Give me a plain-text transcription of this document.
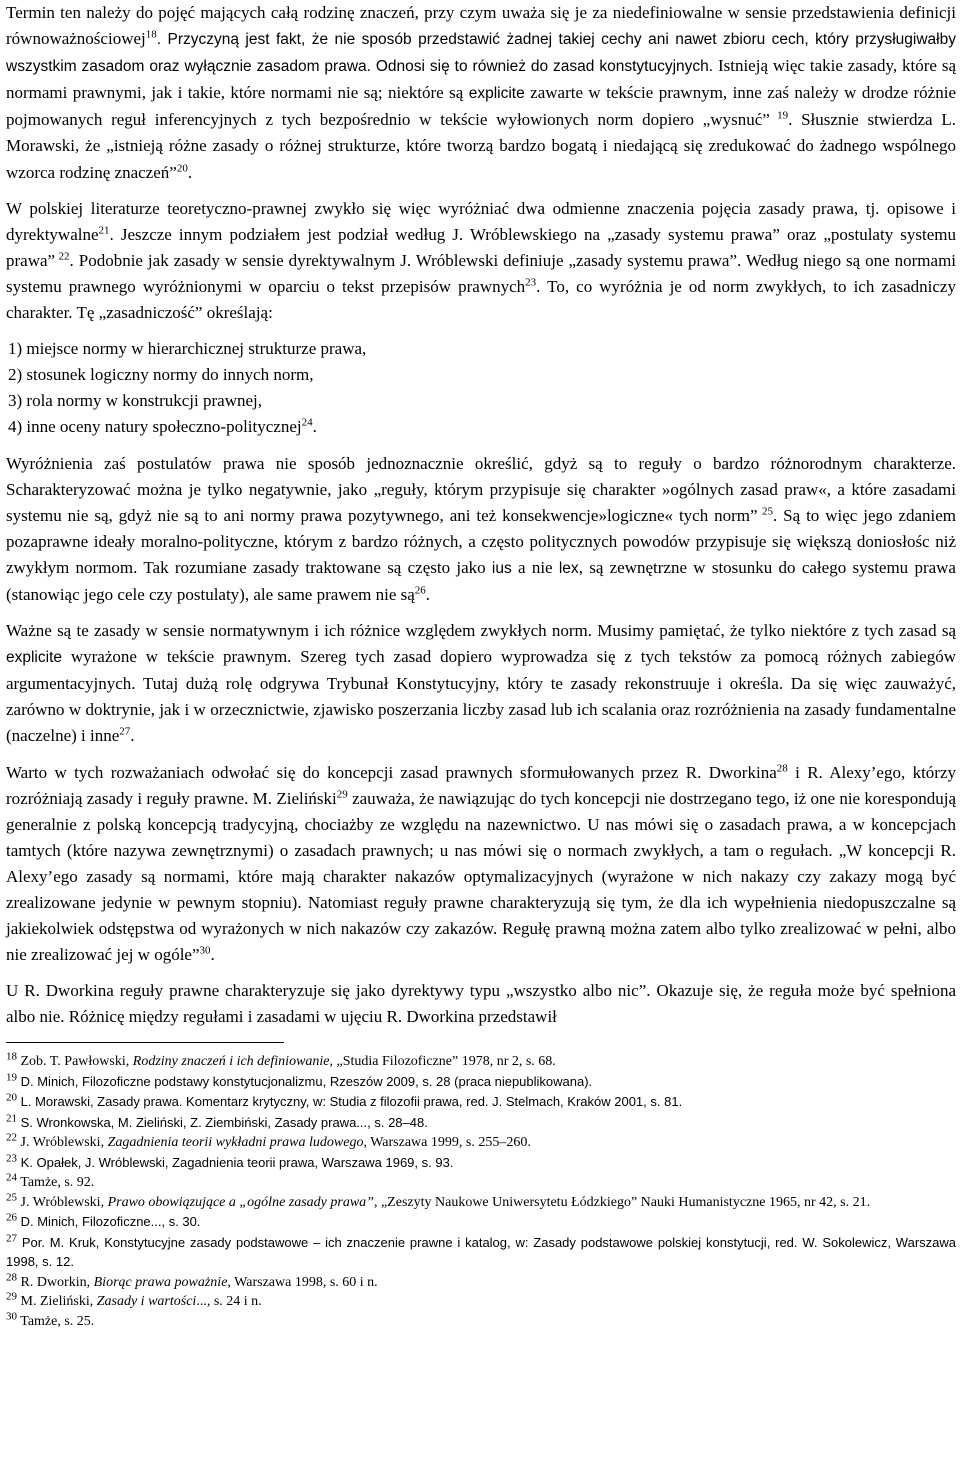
Termin ten należy do pojęć mających całą rodzinę znaczeń, przy czym uważa się je za niedefiniowalne w sensie przedstawienia definicji równoważnościowej$^{18}$. Przyczyną jest fakt, że nie sposób przedstawić żadnej takiej cechy ani nawet zbioru cech, który przysługiwałby wszystkim zasadom oraz wyłącznie zasadom prawa. Odnosi się to również do zasad konstytucyjnych. Istnieją więc takie zasady, które są normami prawnymi, jak i takie, które normami nie są; niektóre są explicite zawarte w tekście prawnym, inne zaś należy w drodze różnie pojmowanych reguł inferencyjnych z tych bezpośrednio w tekście wyłowionych norm dopiero „wysnuć” $^{19}$. Słusznie stwierdza L. Morawski, że „istnieją różne zasady o różnej strukturze, które tworzą bardzo bogatą i niedającą się zredukować do żadnego wspólnego wzorca rodzinę znaczeń”$^{20}$.

W polskiej literaturze teoretyczno-prawnej zwykło się więc wyróżniać dwa odmienne znaczenia pojęcia zasady prawa, tj. opisowe i dyrektywalne$^{21}$. Jeszcze innym podziałem jest podział według J. Wróblewskiego na „zasady systemu prawa” oraz „postulaty systemu prawa” $^{22}$. Podobnie jak zasady w sensie dyrektywalnym J. Wróblewski definiuje „zasady systemu prawa”. Według niego są one normami systemu prawnego wyróżnionymi w oparciu o tekst przepisów prawnych$^{23}$. To, co wyróżnia je od norm zwykłych, to ich zasadniczy charakter. Tę „zasadniczość” określają:

1) miejsce normy w hierarchicznej strukturze prawa,
2) stosunek logiczny normy do innych norm,
3) rola normy w konstrukcji prawnej,
4) inne oceny natury społeczno-politycznej$^{24}$.

Wyróżnienia zaś postulatów prawa nie sposób jednoznacznie określić, gdyż są to reguły o bardzo różnorodnym charakterze. Scharakteryzować można je tylko negatywnie, jako „reguły, którym przypisuje się charakter »ogólnych zasad praw«, a które zasadami systemu nie są, gdyż nie są to ani normy prawa pozytywnego, ani też konsekwencje»logiczne« tych norm” $^{25}$. Są to więc jego zdaniem pozaprawne ideały moralno-polityczne, którym z bardzo różnych, a często politycznych powodów przypisuje się większą doniosłośc niż zwykłym normom. Tak rozumiane zasady traktowane są często jako ius a nie lex, są zewnętrzne w stosunku do całego systemu prawa (stanowiąc jego cele czy postulaty), ale same prawem nie $są^{26}$.

Ważne są te zasady w sensie normatywnym i ich różnice względem zwykłych norm. Musimy pamiętać, że tylko niektóre z tych zasad są explicite wyrażone w tekście prawnym. Szereg tych zasad dopiero wyprowadza się z tych tekstów za pomocą różnych zabiegów argumentacyjnych. Tutaj dużą rolę odgrywa Trybunał Konstytucyjny, który te zasady rekonstruuje i określa. Da się więc zauważyć, zarówno w doktrynie, jak i w orzecznictwie, zjawisko poszerzania liczby zasad lub ich scalania oraz rozróżnienia na zasady fundamentalne (naczelne) i inne$^{27}$.

Warto w tych rozważaniach odwołać się do koncepcji zasad prawnych sformułowanych przez R. Dworkina$^{28}$ i R. Alexy’ego, którzy rozróżniają zasady i reguły prawne. M. Zieliński$^{29}$ zauważa, że nawiązując do tych koncepcji nie dostrzegano tego, iż one nie korespondują generalnie z polską koncepcją tradycyjną, chociażby ze względu na nazewnictwo. U nas mówi się o zasadach prawa, a w koncepcjach tamtych (które nazywa zewnętrznymi) o zasadach prawnych; u nas mówi się o normach zwykłych, a tam o regułach. „W koncepcji R. Alexy’ego zasady są normami, które mają charakter nakazów optymalizacyjnych (wyrażone w nich nakazy czy zakazy mogą być zrealizowane jedynie w pewnym stopniu). Natomiast reguły prawne charakteryzują się tym, że dla ich wypełnienia niedopuszczalne są jakiekolwiek odstępstwa od wyrażonych w nich nakazów czy zakazów. Regułę prawną można zatem albo tylko zrealizować w pełni, albo nie zrealizować jej w ogóle”$^{30}$.

U R. Dworkina reguły prawne charakteryzuje się jako dyrektywy typu „wszystko albo nic”. Okazuje się, że reguła może być spełniona albo nie. Różnicę między regułami i zasadami w ujęciu R. Dworkina przedstawił

$^{18}$ Zob. T. Pawłowski, Rodziny znaczeń i ich definiowanie, „Studia Filozoficzne” 1978, nr 2, s. 68.
$^{19}$ D. Minich, Filozoficzne podstawy konstytucjonalizmu, Rzeszów 2009, s. 28 (praca niepublikowana).
$^{20}$ L. Morawski, Zasady prawa. Komentarz krytyczny, w: Studia z filozofii prawa, red. J. Stelmach, Kraków 2001, s. 81.
$^{21}$ S. Wronkowska, M. Zieliński, Z. Ziembiński, Zasady prawa..., s. 28–48.
$^{22}$ J. Wróblewski, Zagadnienia teorii wykładni prawa ludowego, Warszawa 1999, s. 255–260.
$^{23}$ K. Opałek, J. Wróblewski, Zagadnienia teorii prawa, Warszawa 1969, s. 93.
$^{24}$ Tamże, s. 92.
$^{25}$ J. Wróblewski, Prawo obowiązujące a „ogólne zasady prawa”, „Zeszyty Naukowe Uniwersytetu Łódzkiego” Nauki Humanistyczne 1965, nr 42, s. 21.
$^{26}$ D. Minich, Filozoficzne..., s. 30.
$^{27}$ Por. M. Kruk, Konstytucyjne zasady podstawowe – ich znaczenie prawne i katalog, w: Zasady podstawowe polskiej konstytucji, red. W. Sokolewicz, Warszawa 1998, s. 12.
$^{28}$ R. Dworkin, Biorąc prawa poważnie, Warszawa 1998, s. 60 i n.
$^{29}$ M. Zieliński, Zasady i wartości..., s. 24 i n.
$^{30}$ Tamże, s. 25.
